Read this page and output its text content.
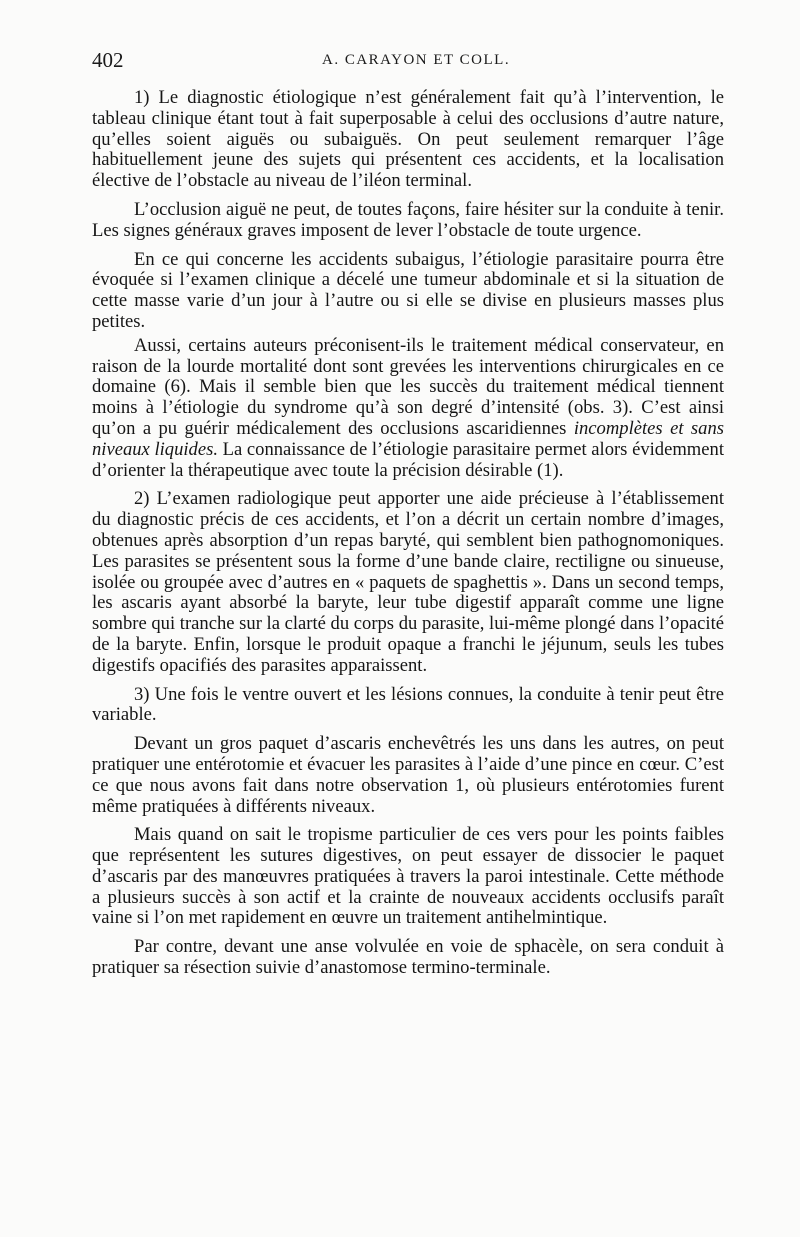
402	A. CARAYON ET COLL.

1) Le diagnostic étiologique n’est généralement fait qu’à l’intervention, le tableau clinique étant tout à fait superposable à celui des occlusions d’autre nature, qu’elles soient aiguës ou subaiguës. On peut seulement remarquer l’âge habituellement jeune des sujets qui présentent ces accidents, et la localisation élective de l’obstacle au niveau de l’iléon terminal.

L’occlusion aiguë ne peut, de toutes façons, faire hésiter sur la conduite à tenir. Les signes généraux graves imposent de lever l’obstacle de toute urgence.

En ce qui concerne les accidents subaigus, l’étiologie parasitaire pourra être évoquée si l’examen clinique a décelé une tumeur abdominale et si la situation de cette masse varie d’un jour à l’autre ou si elle se divise en plusieurs masses plus petites.

Aussi, certains auteurs préconisent-ils le traitement médical conservateur, en raison de la lourde mortalité dont sont grevées les interventions chirurgicales en ce domaine (6). Mais il semble bien que les succès du traitement médical tiennent moins à l’étiologie du syndrome qu’à son degré d’intensité (obs. 3). C’est ainsi qu’on a pu guérir médicalement des occlusions ascaridiennes incomplètes et sans niveaux liquides. La connaissance de l’étiologie parasitaire permet alors évidemment d’orienter la thérapeutique avec toute la précision désirable (1).

2) L’examen radiologique peut apporter une aide précieuse à l’établissement du diagnostic précis de ces accidents, et l’on a décrit un certain nombre d’images, obtenues après absorption d’un repas baryté, qui semblent bien pathognomoniques. Les parasites se présentent sous la forme d’une bande claire, rectiligne ou sinueuse, isolée ou groupée avec d’autres en « paquets de spaghettis ». Dans un second temps, les ascaris ayant absorbé la baryte, leur tube digestif apparaît comme une ligne sombre qui tranche sur la clarté du corps du parasite, lui-même plongé dans l’opacité de la baryte. Enfin, lorsque le produit opaque a franchi le jéjunum, seuls les tubes digestifs opacifiés des parasites apparaissent.

3) Une fois le ventre ouvert et les lésions connues, la conduite à tenir peut être variable.

Devant un gros paquet d’ascaris enchevêtrés les uns dans les autres, on peut pratiquer une entérotomie et évacuer les parasites à l’aide d’une pince en cœur. C’est ce que nous avons fait dans notre observation 1, où plusieurs entérotomies furent même pratiquées à différents niveaux.

Mais quand on sait le tropisme particulier de ces vers pour les points faibles que représentent les sutures digestives, on peut essayer de dissocier le paquet d’ascaris par des manœuvres pratiquées à travers la paroi intestinale. Cette méthode a plusieurs succès à son actif et la crainte de nouveaux accidents occlusifs paraît vaine si l’on met rapidement en œuvre un traitement antihelmintique.

Par contre, devant une anse volvulée en voie de sphacèle, on sera conduit à pratiquer sa résection suivie d’anastomose termino-terminale.
